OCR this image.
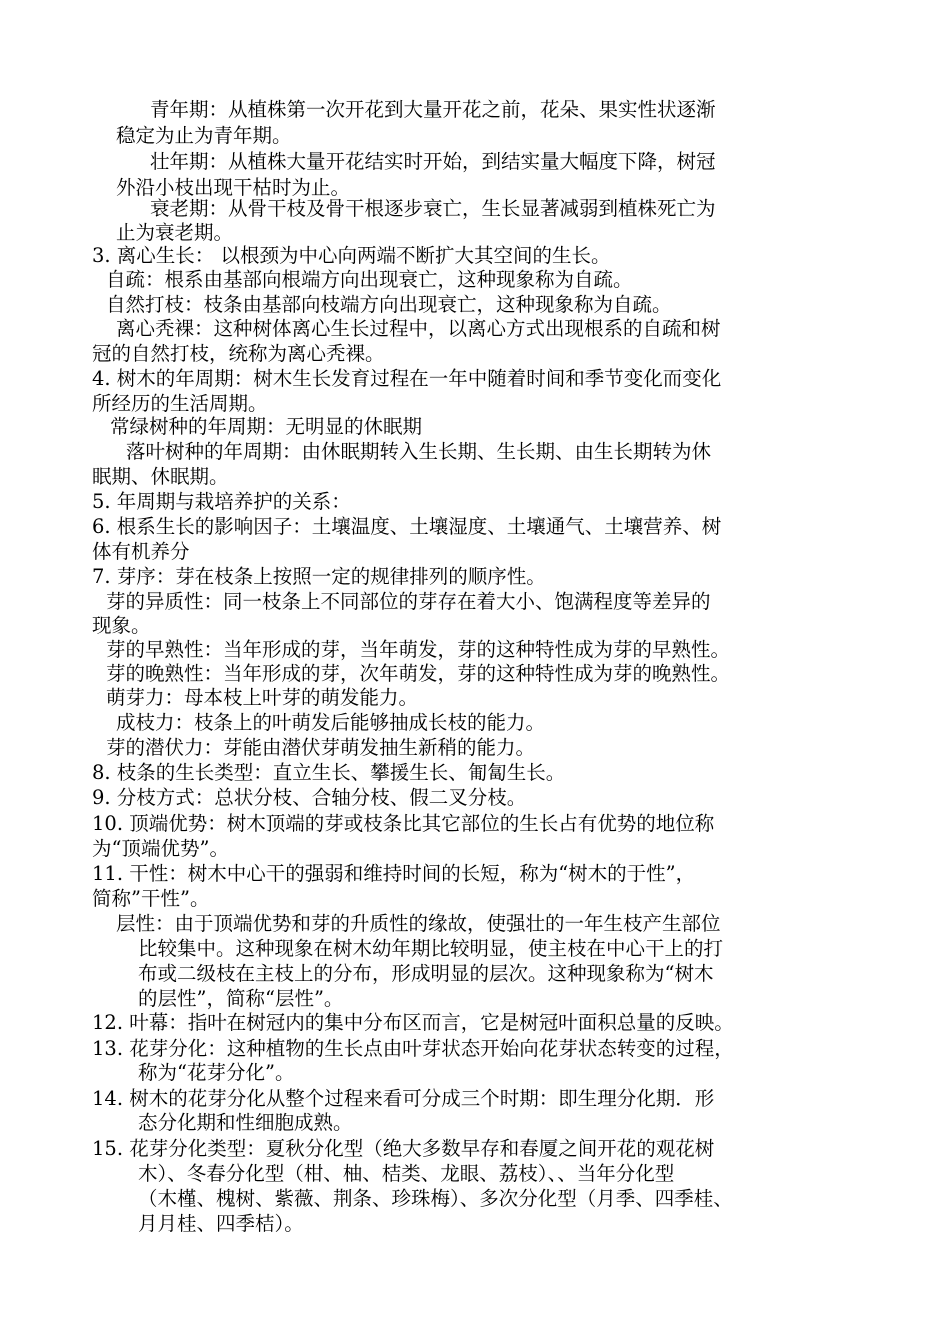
青年期：从植株第一次开花到大量开花之前，花朵、果实性状逐渐
稳定为止为青年期。
壮年期：从植株大量开花结实时开始，到结实量大幅度下降，树冠
外沿小枝出现干枯时为止。
衰老期：从骨干枝及骨干根逐步衰亡，生长显著减弱到植株死亡为
止为衰老期。
3. 离心生长： 以根颈为中心向两端不断扩大其空间的生长。
自疏：根系由基部向根端方向出现衰亡，这种现象称为自疏。
自然打枝：枝条由基部向枝端方向出现衰亡，这种现象称为自疏。
离心秃裸：这种树体离心生长过程中，以离心方式出现根系的自疏和树
冠的自然打枝，统称为离心秃裸。
4. 树木的年周期：树木生长发育过程在一年中随着时间和季节变化而变化
所经历的生活周期。
常绿树种的年周期：无明显的休眠期
落叶树种的年周期：由休眠期转入生长期、生长期、由生长期转为休
眠期、休眠期。
5. 年周期与栽培养护的关系：
6. 根系生长的影响因子：土壤温度、土壤湿度、土壤通气、土壤营养、树
体有机养分
7. 芽序：芽在枝条上按照一定的规律排列的顺序性。
芽的异质性：同一枝条上不同部位的芽存在着大小、饱满程度等差异的
现象。
芽的早熟性：当年形成的芽，当年萌发，芽的这种特性成为芽的早熟性。
芽的晚熟性：当年形成的芽，次年萌发，芽的这种特性成为芽的晚熟性。
萌芽力：母本枝上叶芽的萌发能力。
成枝力：枝条上的叶萌发后能够抽成长枝的能力。
芽的潜伏力：芽能由潜伏芽萌发抽生新稍的能力。
8. 枝条的生长类型：直立生长、攀援生长、匍匐生长。
9. 分枝方式：总状分枝、合轴分枝、假二叉分枝。
10. 顶端优势：树木顶端的芽或枝条比其它部位的生长占有优势的地位称
为“顶端优势”。
11. 干性：树木中心干的强弱和维持时间的长短，称为“树木的于性”，
简称”干性”。
层性：由于顶端优势和芽的升质性的缘故，使强壮的一年生枝产生部位
比较集中。这种现象在树木幼年期比较明显，使主枝在中心干上的打
布或二级枝在主枝上的分布，形成明显的层次。这种现象称为“树木
的层性”，简称“层性”。
12. 叶幕：指叶在树冠内的集中分布区而言，它是树冠叶面积总量的反映。
13. 花芽分化：这种植物的生长点由叶芽状态开始向花芽状态转变的过程，
称为“花芽分化”。
14. 树木的花芽分化从整个过程来看可分成三个时期：即生理分化期．形
态分化期和性细胞成熟。
15. 花芽分化类型：夏秋分化型（绝大多数早存和春厦之间开花的观花树
木）、冬春分化型（柑、柚、桔类、龙眼、荔枝）、、当年分化型
（木槿、槐树、紫薇、荆条、珍珠梅）、多次分化型（月季、四季桂、
月月桂、四季桔）。
